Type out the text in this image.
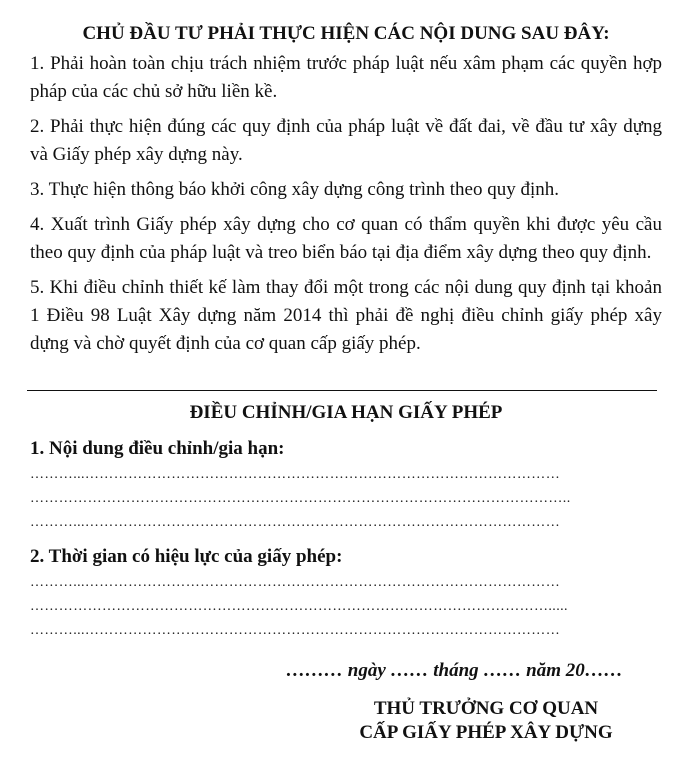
CHỦ ĐẦU TƯ PHẢI THỰC HIỆN CÁC NỘI DUNG SAU ĐÂY:

1. Phải hoàn toàn chịu trách nhiệm trước pháp luật nếu xâm phạm các quyền hợp pháp của các chủ sở hữu liền kề.

2. Phải thực hiện đúng các quy định của pháp luật về đất đai, về đầu tư xây dựng và Giấy phép xây dựng này.

3. Thực hiện thông báo khởi công xây dựng công trình theo quy định.

4. Xuất trình Giấy phép xây dựng cho cơ quan có thẩm quyền khi được yêu cầu theo quy định của pháp luật và treo biển báo tại địa điểm xây dựng theo quy định.

5. Khi điều chỉnh thiết kế làm thay đổi một trong các nội dung quy định tại khoản 1 Điều 98 Luật Xây dựng năm 2014 thì phải đề nghị điều chỉnh giấy phép xây dựng và chờ quyết định của cơ quan cấp giấy phép.

ĐIỀU CHỈNH/GIA HẠN GIẤY PHÉP

1. Nội dung điều chỉnh/gia hạn:

………...………………………………………………………………………………………

…………………………………………………………………………………………………..

………...………………………………………………………………………………………

2. Thời gian có hiệu lực của giấy phép:

………...………………………………………………………………………………………

……………………………………………………………………………………………….....

………...………………………………………………………………………………………

……… ngày …… tháng …… năm 20……

THỦ TRƯỞNG CƠ QUAN

CẤP GIẤY PHÉP XÂY DỰNG
